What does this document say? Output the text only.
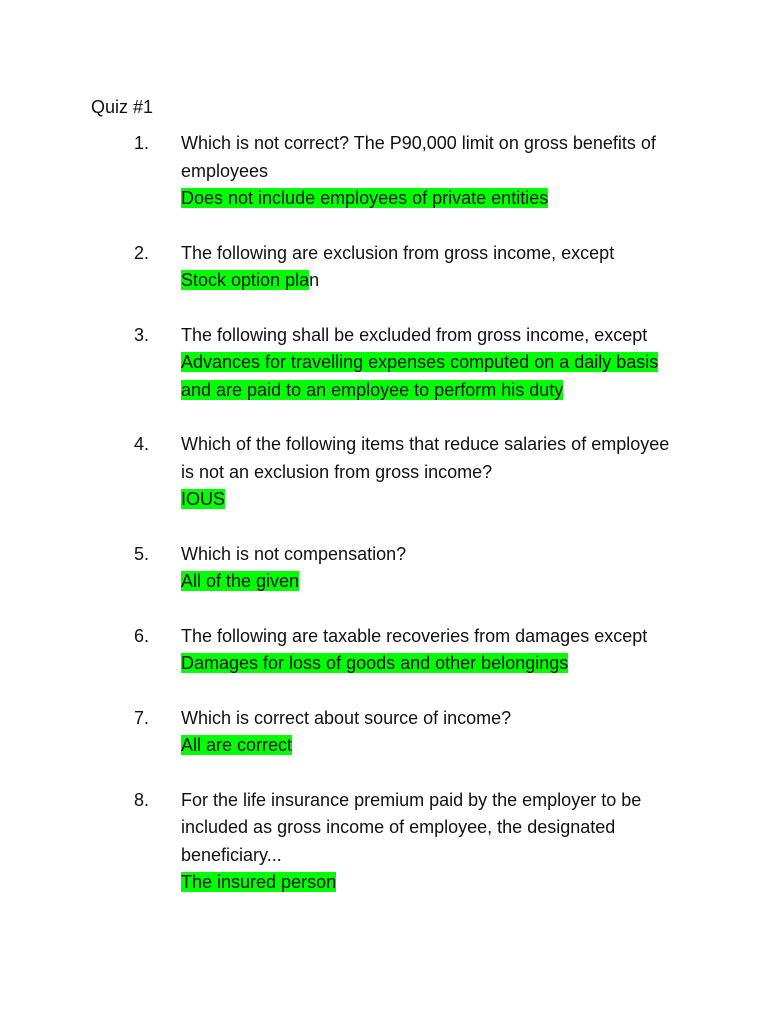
Quiz #1
1.	Which is not correct? The P90,000 limit on gross benefits of employees
Does not include employees of private entities
2.	The following are exclusion from gross income, except
Stock option plan
3.	The following shall be excluded from gross income, except
Advances for travelling expenses computed on a daily basis and are paid to an employee to perform his duty
4.	Which of the following items that reduce salaries of employee is not an exclusion from gross income?
IOUS
5.	Which is not compensation?
All of the given
6.	The following are taxable recoveries from damages except
Damages for loss of goods and other belongings
7.	Which is correct about source of income?
All are correct
8.	For the life insurance premium paid by the employer to be included as gross income of employee, the designated beneficiary...
The insured person
